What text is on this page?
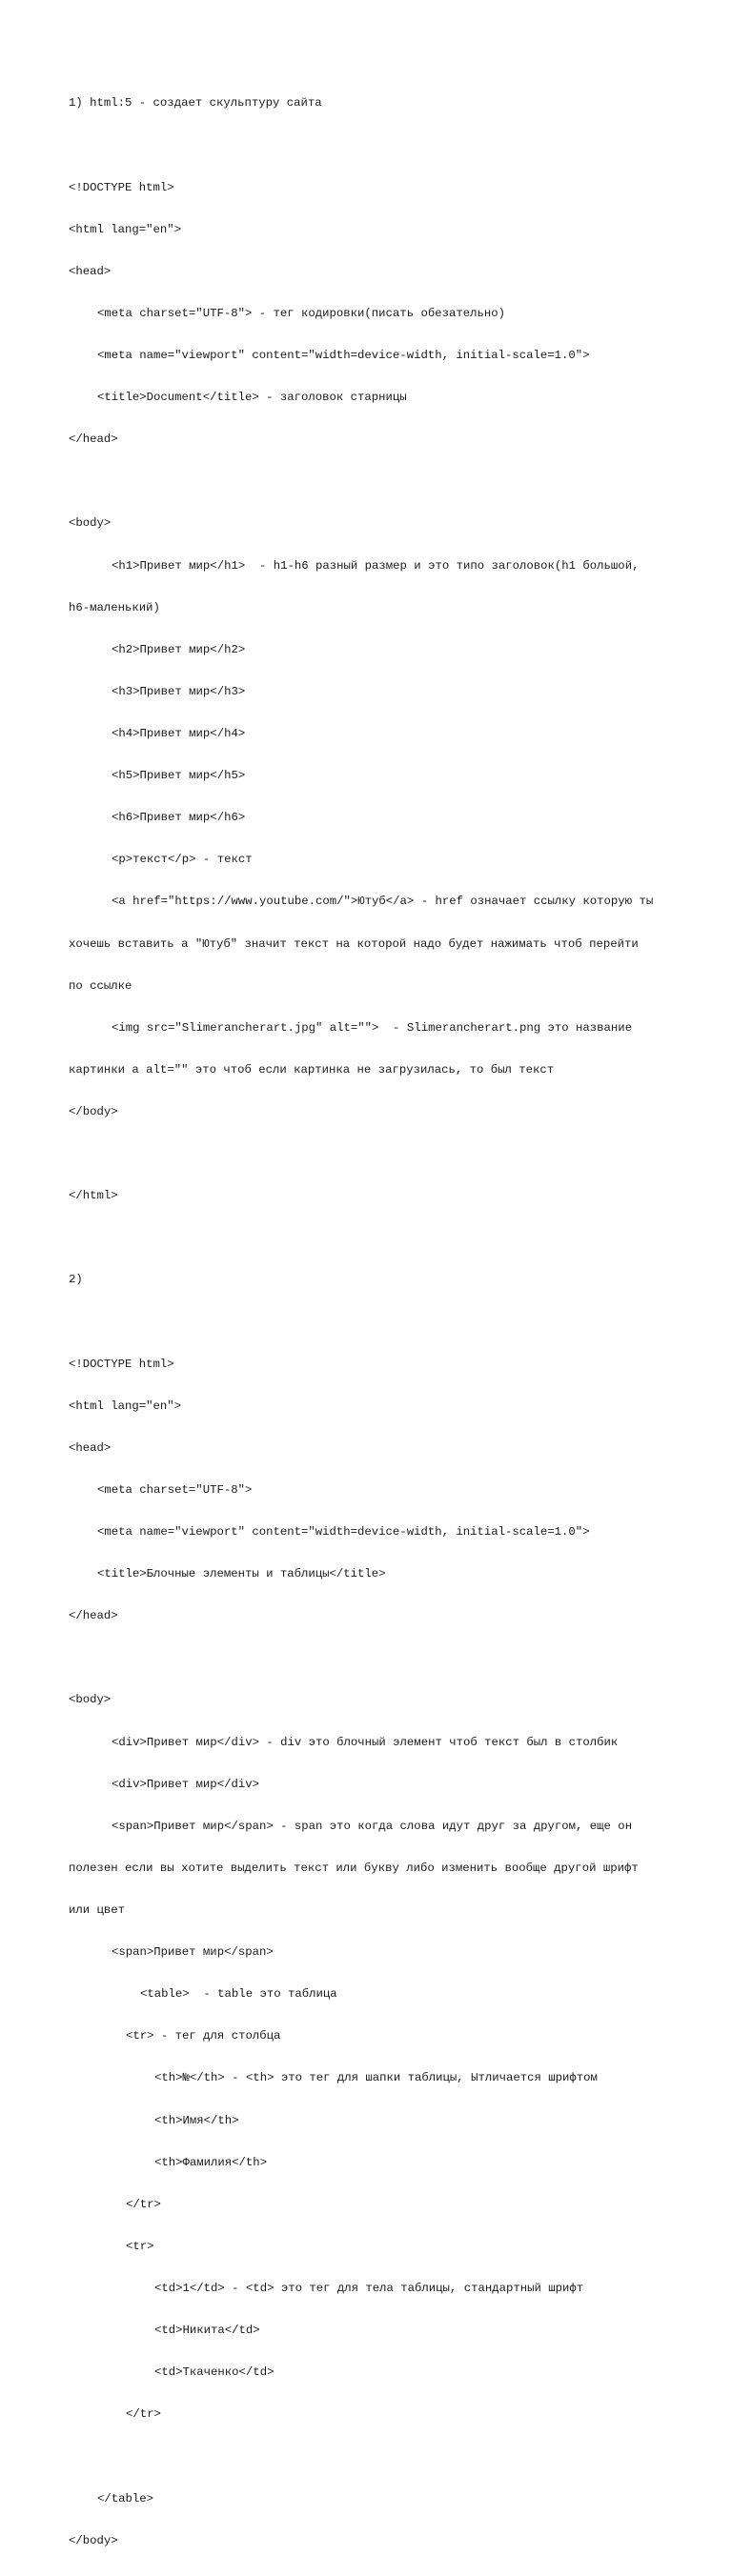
1) html:5 - создает скульптуру сайта

<!DOCTYPE html>

<html lang="en">

<head>

<meta charset="UTF-8"> - тег кодировки(писать обезательно)

<meta name="viewport" content="width=device-width, initial-scale=1.0">

<title>Document</title> - заголовок старницы

</head>

<body>

<h1>Привет мир</h1>  - h1-h6 разный размер и это типо заголовок(h1 большой,

h6-маленький)

<h2>Привет мир</h2>

<h3>Привет мир</h3>

<h4>Привет мир</h4>

<h5>Привет мир</h5>

<h6>Привет мир</h6>

<p>текст</p> - текст

<a href="https://www.youtube.com/">Ютуб</a> - href означает ссылку которую ты

хочешь вставить а "Ютуб" значит текст на которой надо будет нажимать чтоб перейти

по ссылке

<img src="Slimerancherart.jpg" alt="">  - Slimerancherart.png это название

картинки а alt="" это чтоб если картинка не загрузилась, то был текст

</body>

</html>

2)

<!DOCTYPE html>

<html lang="en">

<head>

<meta charset="UTF-8">

<meta name="viewport" content="width=device-width, initial-scale=1.0">

<title>Блочные элементы и таблицы</title>

</head>

<body>

<div>Привет мир</div> - div это блочный элемент чтоб текст был в столбик

<div>Привет мир</div>

<span>Привет мир</span> - span это когда слова идут друг за другом, еще он

полезен если вы хотите выделить текст или букву либо изменить вообще другой шрифт

или цвет

<span>Привет мир</span>

<table>  - table это таблица

<tr> - тег для столбца

<th>№</th> - <th> это тег для шапки таблицы, Ытличается шрифтом

<th>Имя</th>

<th>Фамилия</th>

</tr>

<tr>

<td>1</td> - <td> это тег для тела таблицы, стандартный шрифт

<td>Никита</td>

<td>Ткаченко</td>

</tr>

</table>

</body>
